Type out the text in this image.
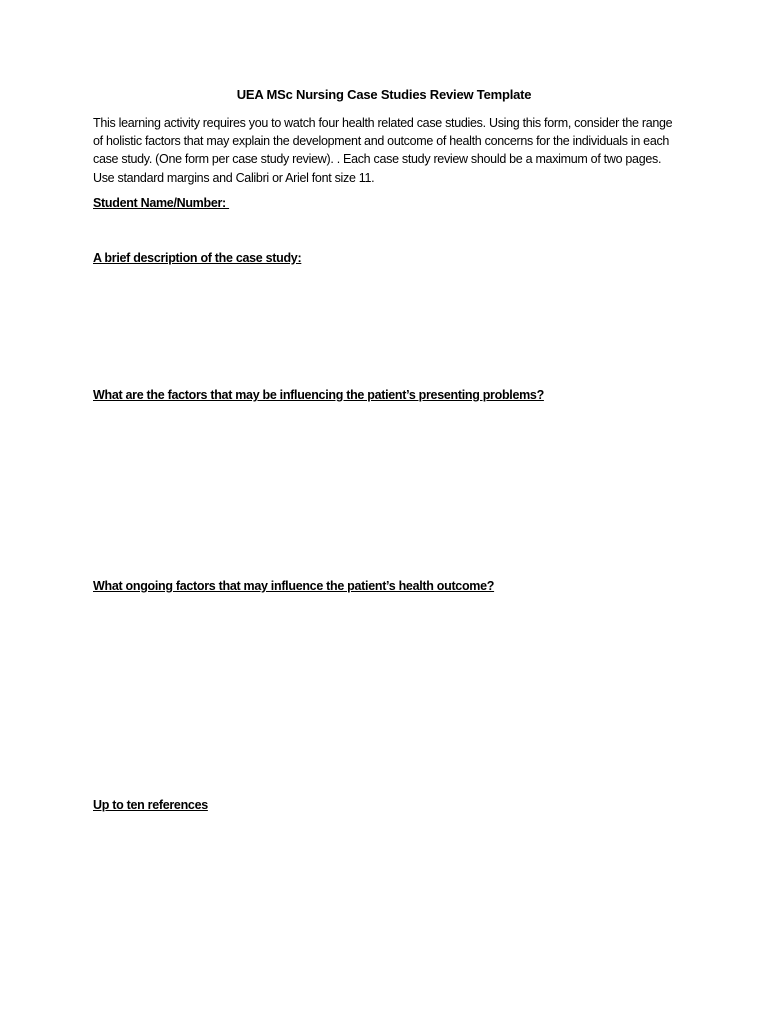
UEA MSc Nursing Case Studies Review Template
This learning activity requires you to watch four health related case studies. Using this form, consider the range of holistic factors that may explain the development and outcome of health concerns for the individuals in each case study. (One form per case study review). . Each case study review should be a maximum of two pages. Use standard margins and Calibri or Ariel font size 11.
Student Name/Number:
A brief description of the case study:
What are the factors that may be influencing the patient’s presenting problems?
What ongoing factors that may influence the patient’s health outcome?
Up to ten references
